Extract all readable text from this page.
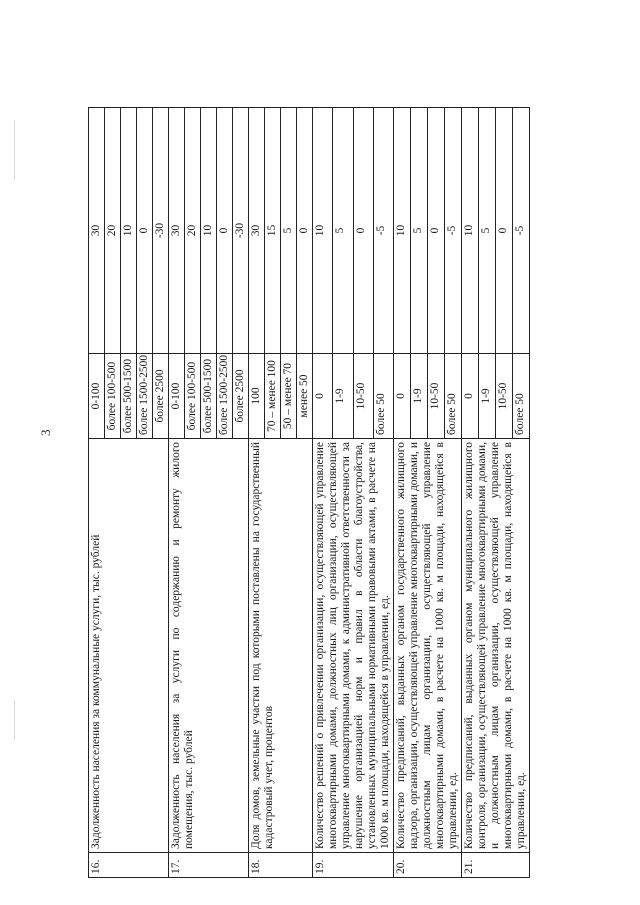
3
16.	Задолженность населения за коммунальные услуги, тыс. рублей	0-100	30
		более 100-500	20
		более 500-1500	10
		более 1500-2500	0
		более 2500	-30
17.	Задолженность населения за услуги по содержанию и ремонту жилого помещения, тыс. рублей	0-100	30
		более 100-500	20
		более 500-1500	10
		более 1500-2500	0
		более 2500	-30
18.	Доля домов, земельные участки под которыми поставлены на государственный кадастровый учет, процентов	100	30
		70 – менее 100	15
		50 – менее 70	5
		менее 50	0
19.	Количество решений о привлечении организации, осуществляющей управление многоквартирными домами, должностных лиц организации, осуществляющей управление многоквартирными домами, к административной ответственности за нарушение организацией норм и правил в области благоустройства, установленных муниципальными нормативными правовыми актами, в расчете на 1000 кв. м площади, находящейся в управлении, ед.	0	10
		1-9	5
		10-50	0
		более 50	-5
20.	Количество предписаний, выданных органом государственного жилищного надзора, организации, осуществляющей управление многоквартирными домами, и должностным лицам организации, осуществляющей управление многоквартирными домами, в расчете на 1000 кв. м площади, находящейся в управлении, ед.	0	10
		1-9	5
		10-50	0
		более 50	-5
21.	Количество предписаний, выданных органом муниципального жилищного контроля, организации, осуществляющей управление многоквартирными домами, и должностным лицам организации, осуществляющей управление многоквартирными домами, в расчете на 1000 кв. м площади, находящейся в управлении, ед.	0	10
		1-9	5
		10-50	0
		более 50	-5
